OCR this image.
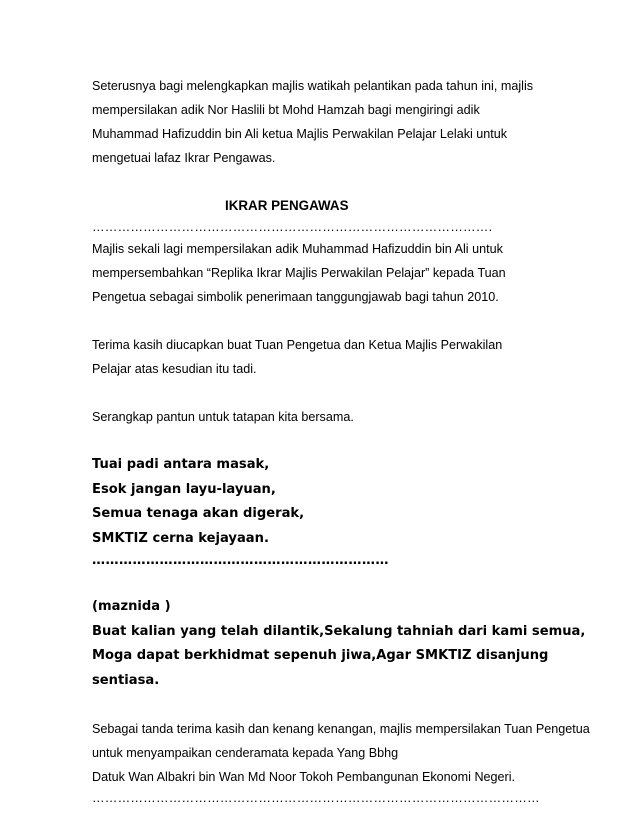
Seterusnya bagi melengkapkan majlis watikah pelantikan pada tahun ini, majlis
mempersilakan adik Nor Haslili bt Mohd Hamzah bagi mengiringi adik
Muhammad Hafizuddin bin Ali ketua Majlis Perwakilan Pelajar Lelaki untuk
mengetuai lafaz Ikrar Pengawas.
IKRAR PENGAWAS
………………………………………………………………………………….
Majlis sekali lagi mempersilakan adik Muhammad Hafizuddin bin Ali untuk
mempersembahkan “Replika Ikrar Majlis Perwakilan Pelajar” kepada Tuan
Pengetua sebagai simbolik penerimaan tanggungjawab bagi tahun 2010.
Terima kasih diucapkan buat Tuan Pengetua dan Ketua Majlis Perwakilan
Pelajar atas kesudian itu tadi.
Serangkap pantun untuk tatapan kita bersama.
Tuai padi antara masak,
Esok jangan layu-layuan,
Semua tenaga akan digerak,
SMKTIZ cerna kejayaan.
…………………………………………………………
(maznida )
Buat kalian yang telah dilantik,Sekalung tahniah dari kami semua,
Moga dapat berkhidmat sepenuh jiwa,Agar SMKTIZ disanjung
sentiasa.
Sebagai tanda terima kasih dan kenang kenangan, majlis mempersilakan Tuan Pengetua
untuk menyampaikan cenderamata kepada Yang Bbhg
Datuk Wan Albakri bin Wan Md Noor Tokoh Pembangunan Ekonomi Negeri.
……………………………………………………………………………………………
